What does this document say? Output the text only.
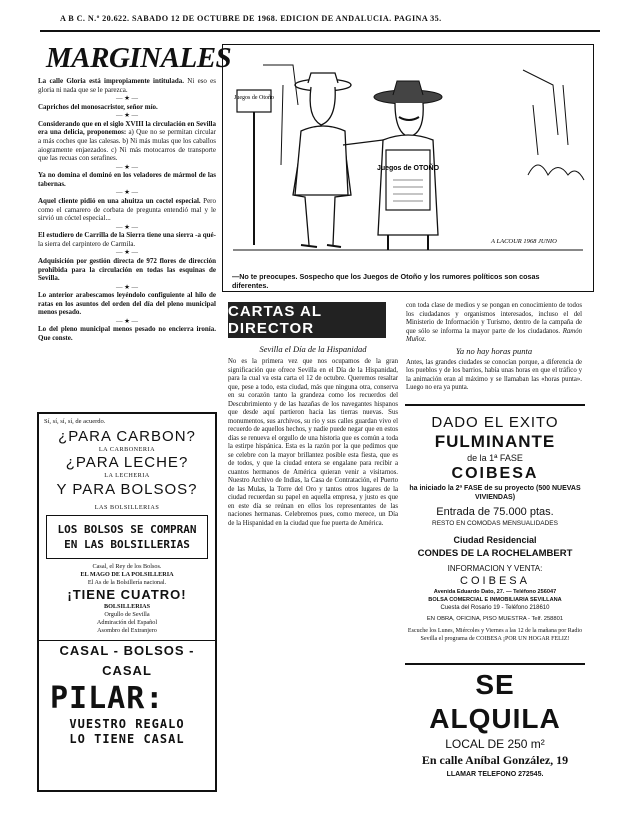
A B C. N.º 20.622. SABADO 12 DE OCTUBRE DE 1968. EDICION DE ANDALUCIA. PAGINA 35.
MARGINALES

La calle Gloria está impropiamente intitulada. Ni eso es gloria ni nada que se le parezca.

— ★ —

Caprichos del monosacristor, señor mío.

— ★ —

Considerando que en el siglo XVIII la circulación en Sevilla era una delicia, proponemos: a) Que no se permitan circular a más coches que las calesas. b) Ni más mulas que los caballos aiogramente enjaezados. c) Ni más motocarros de transporte que las recuas con serafines.

— ★ —

Ya no domina el dominó en los veladores de mármol de las tabernas.

— ★ —

Aquel cliente pidió en una ahuitza un coctel especial. Pero como el camarero de corbata de pregunta entendió mal y le sirvió un cóctel especial...

— ★ —

El estudiero de Carrilla de la Sierra tiene una sierra -a qué- la sierra del carpintero de Carmila.

— ★ —

Adquisición por gestión directa de 972 flores de dirección prohibida para la circulación en todas las esquinas de Sevilla.

— ★ —

Lo anterior arabescamos leyéndolo configuiente al hilo de ratas en los asuntos del orden del día del pleno municipal menos pesado.

— ★ —

Lo del pleno municipal menos pesado no encierra ironía. Que conste.

Sí, sí, sí, sí, de acuerdo.
¿PARA CARBON?
LA CARBONERIA
¿PARA LECHE?
LA LECHERIA
Y PARA BOLSOS?
LAS BOLSILLERIAS
LOS BOLSOS SE COMPRAN EN LAS BOLSILLERIAS
Casal, el Rey de los Bolsos.
EL MAGO DE LA POLSILLERIA
El As de la Bolsillería nacional.
¡TIENE CUATRO!
BOLSILLERIAS
Orgullo de Sevilla
Admiración del Español
Asombro del Extranjero
CASAL - BOLSOS - CASAL
PILAR:
VUESTRO REGALO
LO TIENE CASAL
Juegos de Otoño
Juegos de OTOÑO
A LACOUR 1968 JUNIO
—No te preocupes. Sospecho que los Juegos de Otoño y los rumores políticos son cosas diferentes.
CARTAS AL DIRECTOR
Sevilla el Día de la Hispanidad

No es la primera vez que nos ocupamos de la gran significación que ofrece Sevilla en el Día de la Hispanidad, para la cual va esta carta el 12 de octubre. Queremos resaltar que, pese a todo, esta ciudad, más que ninguna otra, conserva en su corazón tanto la grandeza como los recuerdos del Descubrimiento y de las hazañas de los navegantes hispanos que desde aquí partieron hacia las tierras nuevas. Sus monumentos, sus archivos, su río y sus calles guardan vivo el recuerdo de aquellos hechos, y nadie puede negar que en estos días se renueva el orgullo de una historia que es común a toda la estirpe hispánica. Esta es la razón por la que pedimos que se celebre con la mayor brillantez posible esta fiesta, que es de todos, y que la ciudad entera se engalane para recibir a cuantos hermanos de América quieran venir a visitarnos. Nuestro Archivo de Indias, la Casa de Contratación, el Puerto de las Mulas, la Torre del Oro y tantos otros lugares de la ciudad recuerdan su papel en aquella empresa, y justo es que en este día se reúnan en ellos los representantes de las naciones hermanas. Celebremos pues, como merece, un Día de la Hispanidad en la ciudad que fue puerta de América.

con toda clase de medios y se pongan en conocimiento de todos los ciudadanos y organismos interesados, incluso el del Ministerio de Información y Turismo, dentro de la campaña de que sólo se informa la mayor parte de los ciudadanos. Ramón Muñoz.

Ya no hay horas punta

Antes, las grandes ciudades se conocían porque, a diferencia de los pueblos y de los barrios, había unas horas en que el tráfico y la animación eran al máximo y se llamaban las «horas punta». Luego no era ya punta.

DADO EL EXITO
FULMINANTE
de la 1ª FASE
COIBESA
ha iniciado la 2ª FASE de su proyecto (500 NUEVAS VIVIENDAS)
Entrada de 75.000 ptas.
RESTO EN COMODAS MENSUALIDADES
Ciudad Residencial
CONDES DE LA ROCHELAMBERT
INFORMACION Y VENTA:
COIBESA
Avenida Eduardo Dato, 27. — Teléfono 256047
BOLSA COMERCIAL E INMOBILIARIA SEVILLANA
Cuesta del Rosario 19 - Teléfono 218610
EN OBRA, OFICINA, PISO MUESTRA - Telf. 258801
Escuche los Lunes, Miércoles y Viernes a las 12 de la mañana por Radio Sevilla el programa de COIBESA ¡POR UN HOGAR FELIZ!
SE ALQUILA
LOCAL DE 250 m²
En calle Aníbal González, 19
LLAMAR TELEFONO 272545.
